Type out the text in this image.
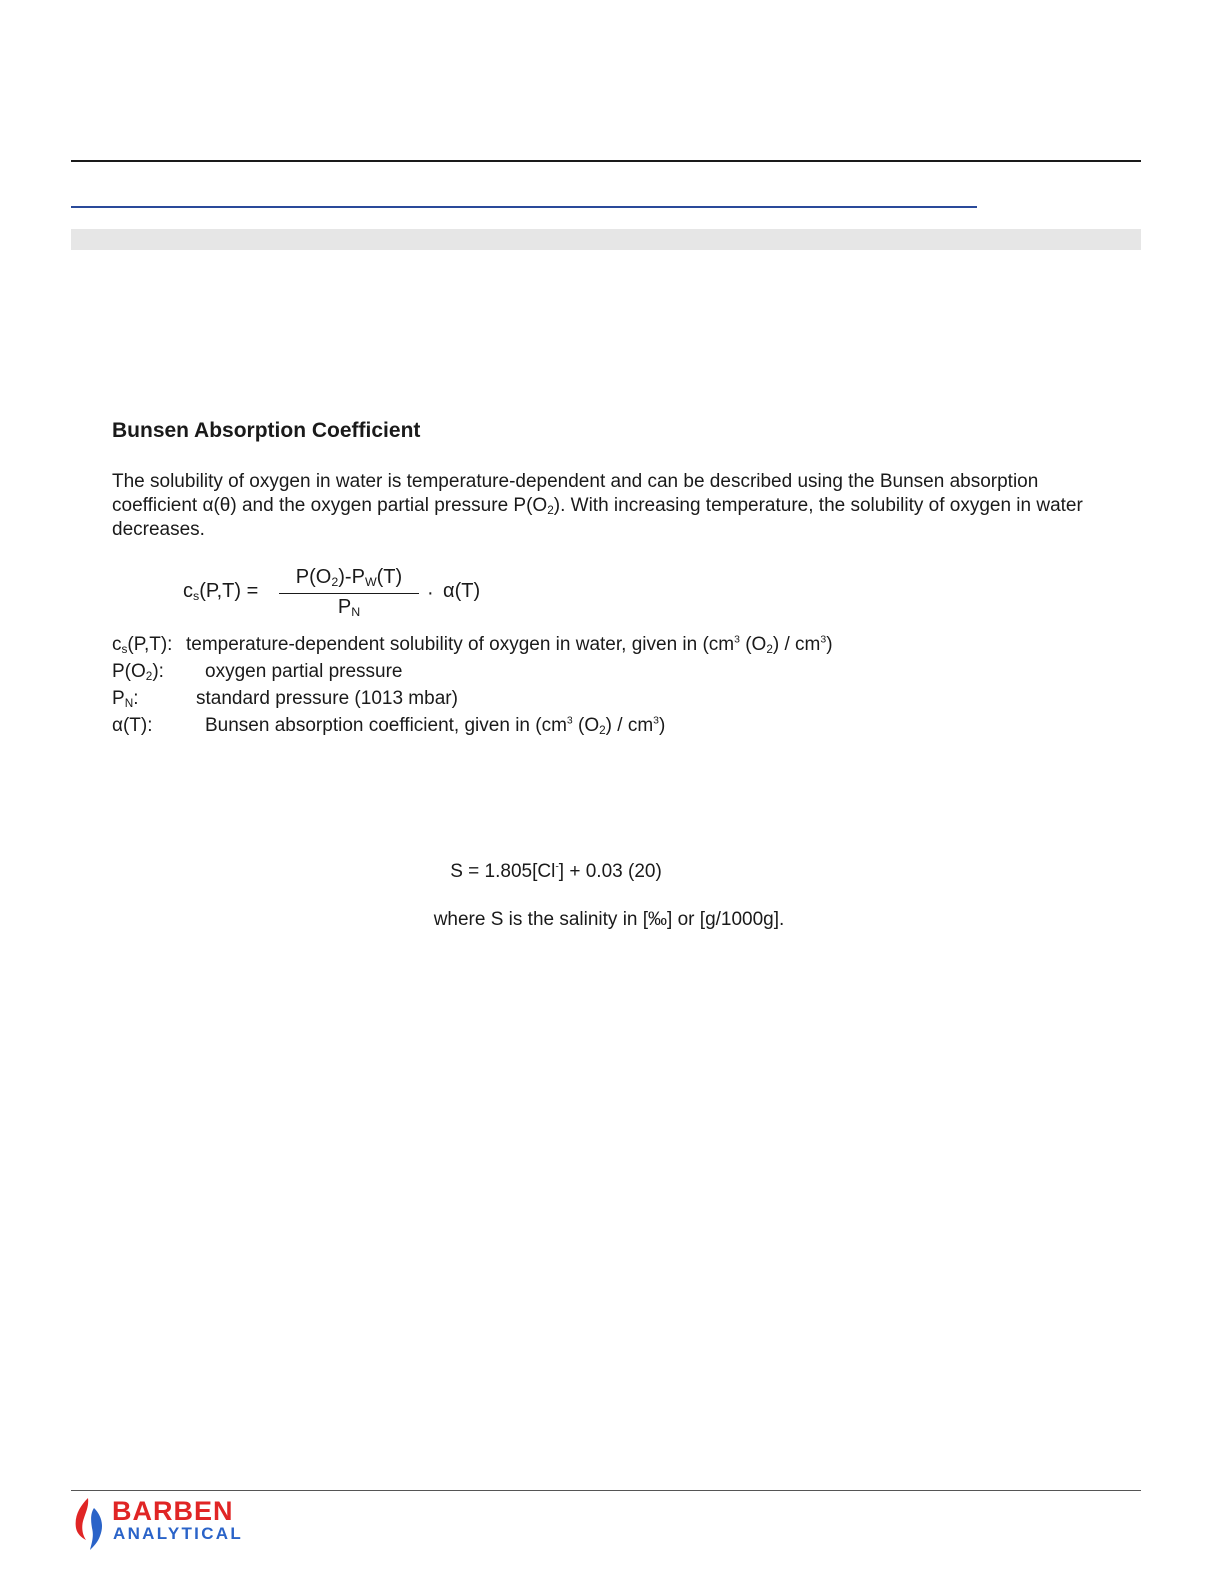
Bunsen Absorption Coefficient
The solubility of oxygen in water is temperature-dependent and can be described using the Bunsen absorption coefficient α(θ) and the oxygen partial pressure $P(O_2)$. With increasing temperature, the solubility of oxygen in water decreases.
$c_s(P,T)$ =
$P(O_2)-P_W(T)$
$P_N$
· α(T)
$c_s(P,T)$: temperature-dependent solubility of oxygen in water, given in ($cm^3$ $(O_2) / cm^3$)
$P(O_2)$: oxygen partial pressure
$P_N$:	standard pressure (1013 mbar)
α(T):	Bunsen absorption coefficient, given in ($cm^3$ $(O_2) / cm^3$)
S = 1.805[Cl-] + 0.03 (20)
where S is the salinity in [‰] or [g/1000g].
BARBEN
ANALYTICAL
